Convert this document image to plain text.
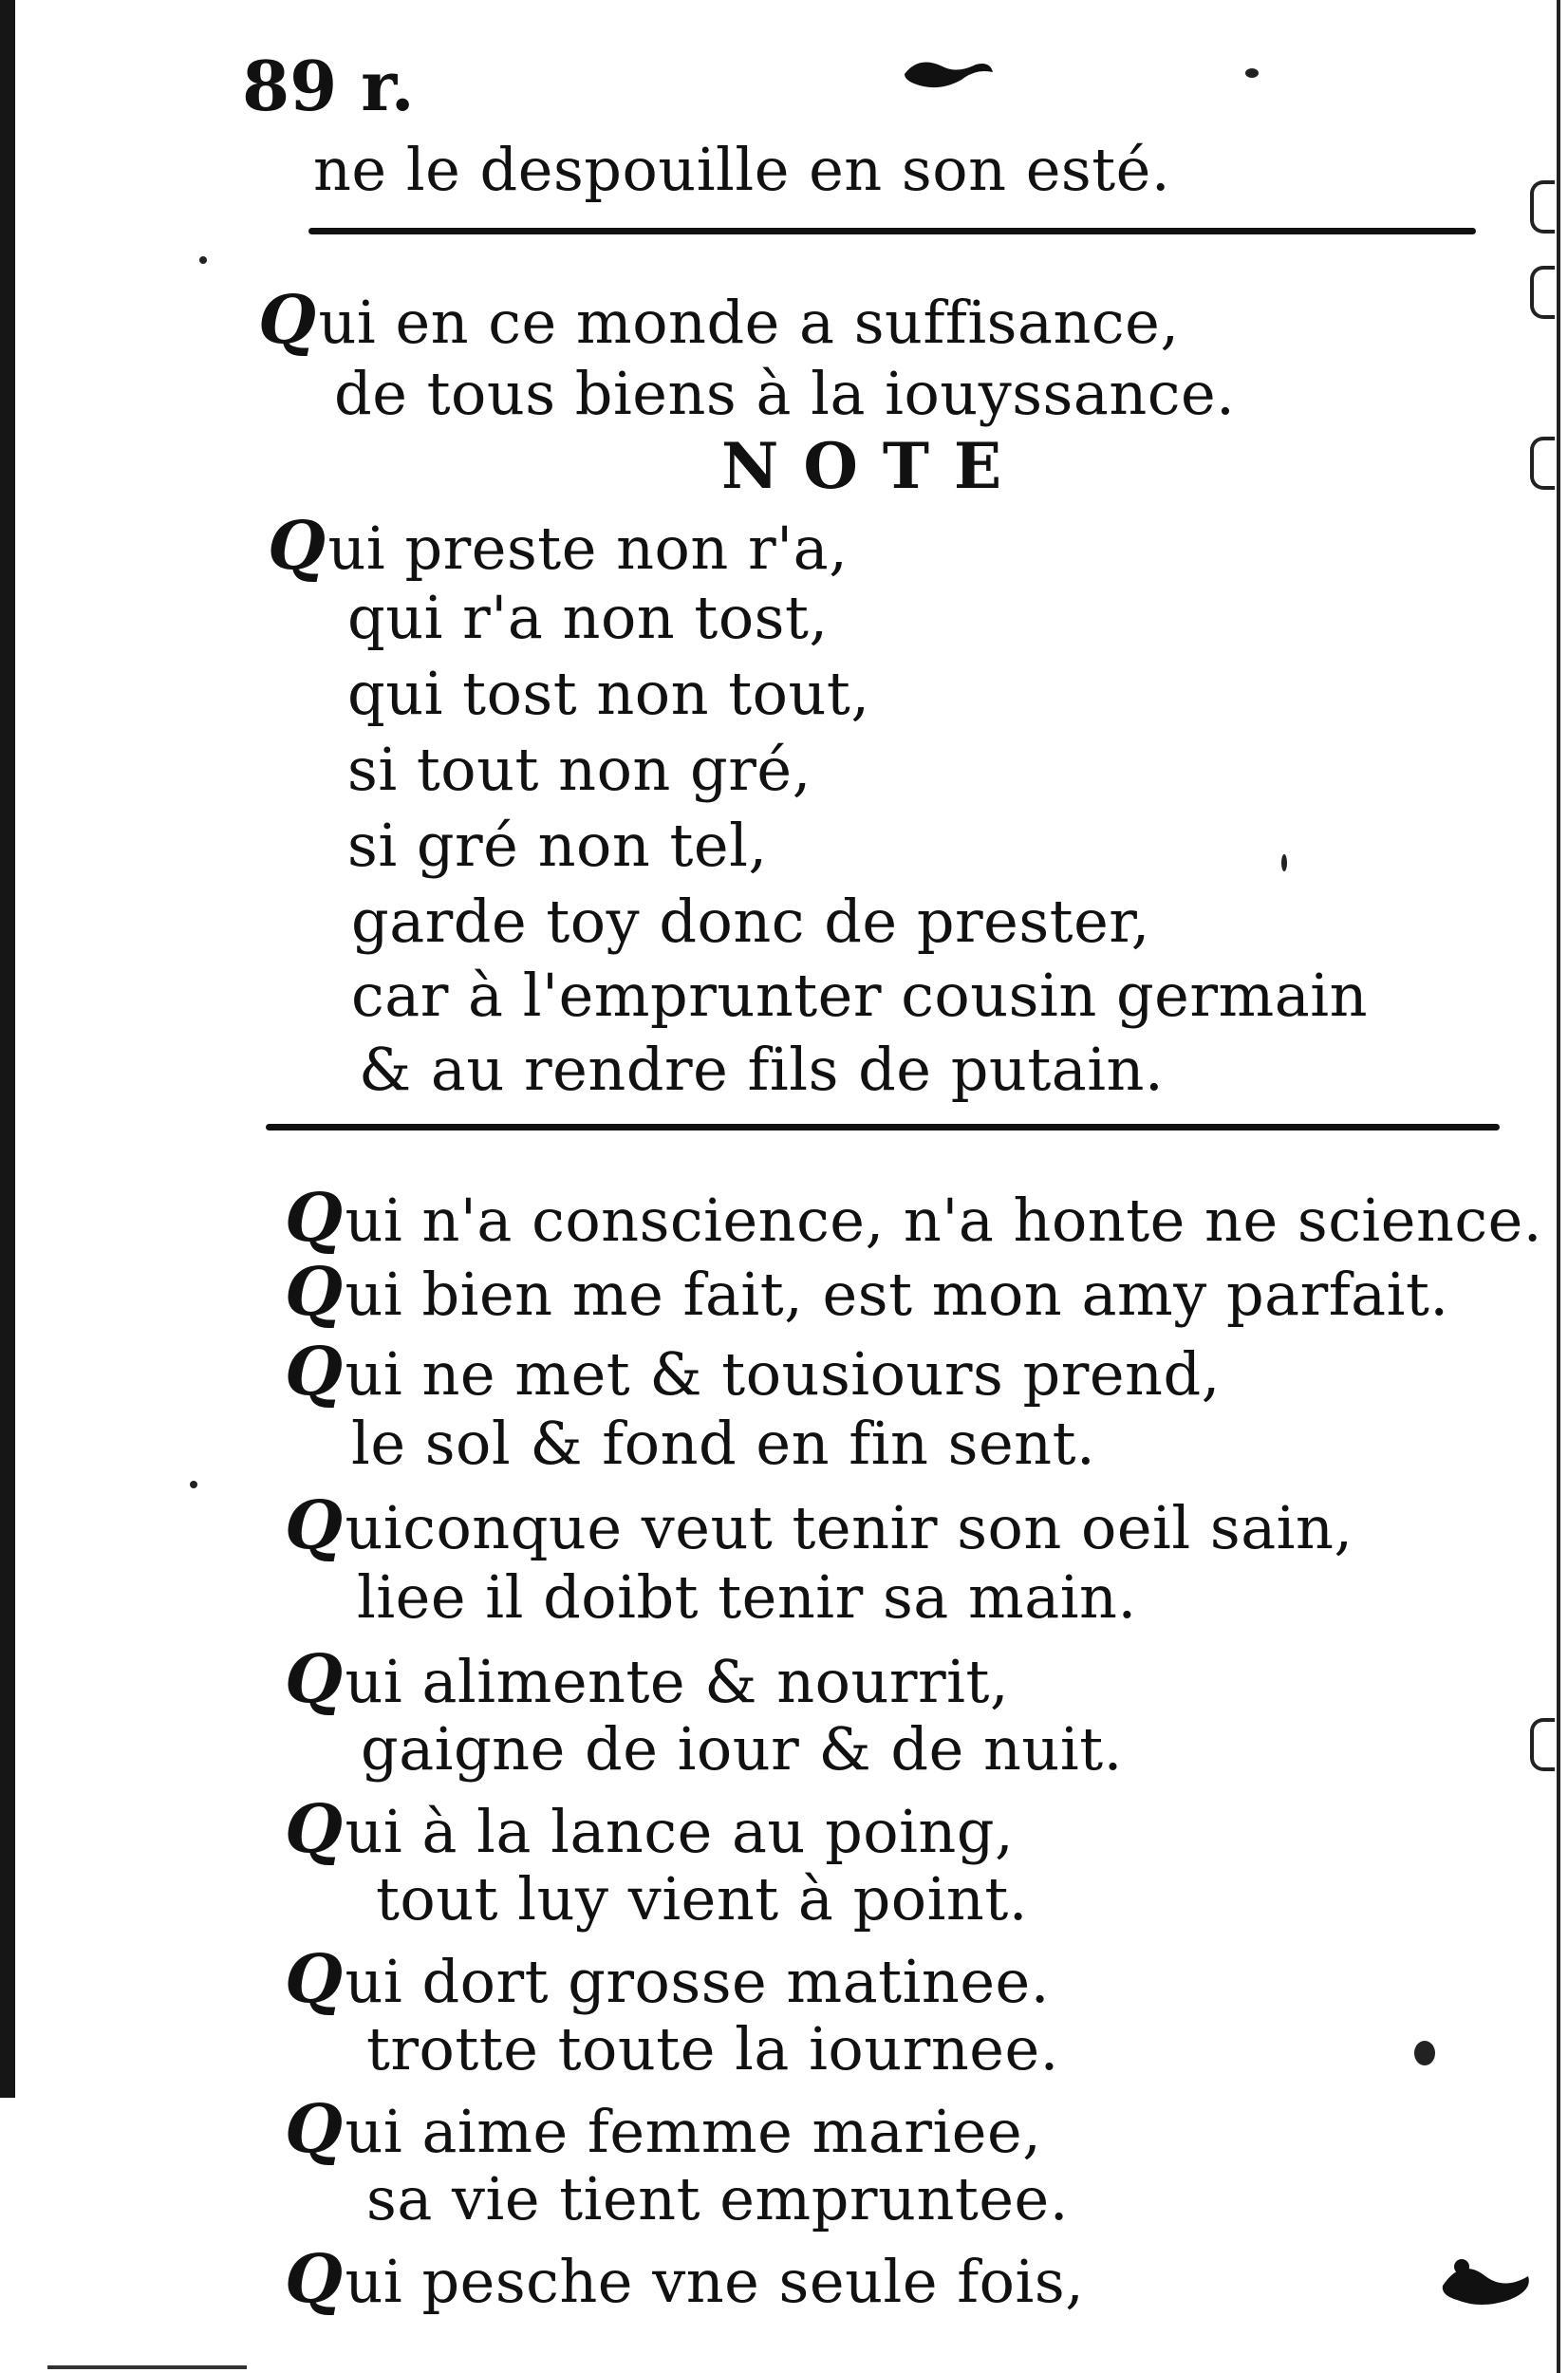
89 r.
ne le despouille en son esté.
Qui en ce monde a suffisance,
de tous biens à la iouyssance.
NOTE
Qui preste non r'a,
qui r'a non tost,
qui tost non tout,
si tout non gré,
si gré non tel,
garde toy donc de prester,
car à l'emprunter cousin germain
& au rendre fils de putain.
Qui n'a conscience, n'a honte ne science.
Qui bien me fait, est mon amy parfait.
Qui ne met & tousiours prend,
le sol & fond en fin sent.
Quiconque veut tenir son oeil sain,
liee il doibt tenir sa main.
Qui alimente & nourrit,
gaigne de iour & de nuit.
Qui à la lance au poing,
tout luy vient à point.
Qui dort grosse matinee.
trotte toute la iournee.
Qui aime femme mariee,
sa vie tient empruntee.
Qui pesche vne seule fois,
